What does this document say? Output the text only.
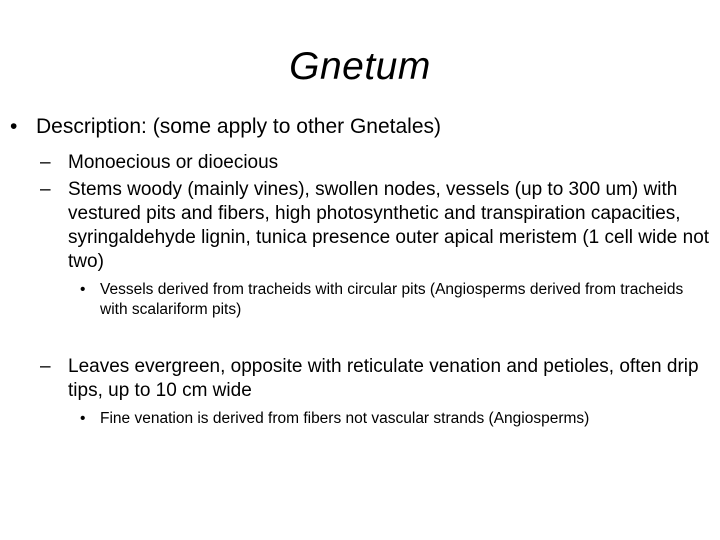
Gnetum
• Description: (some apply to other Gnetales)
– Monoecious or dioecious
– Stems woody (mainly vines), swollen nodes, vessels (up to 300 um) with vestured pits and fibers, high photosynthetic and transpiration capacities, syringaldehyde lignin, tunica presence outer apical meristem (1 cell wide not two)
• Vessels derived from tracheids with circular pits (Angiosperms derived from tracheids with scalariform pits)
– Leaves evergreen, opposite with reticulate venation and petioles, often drip tips, up to 10 cm wide
• Fine venation is derived from fibers not vascular strands (Angiosperms)
